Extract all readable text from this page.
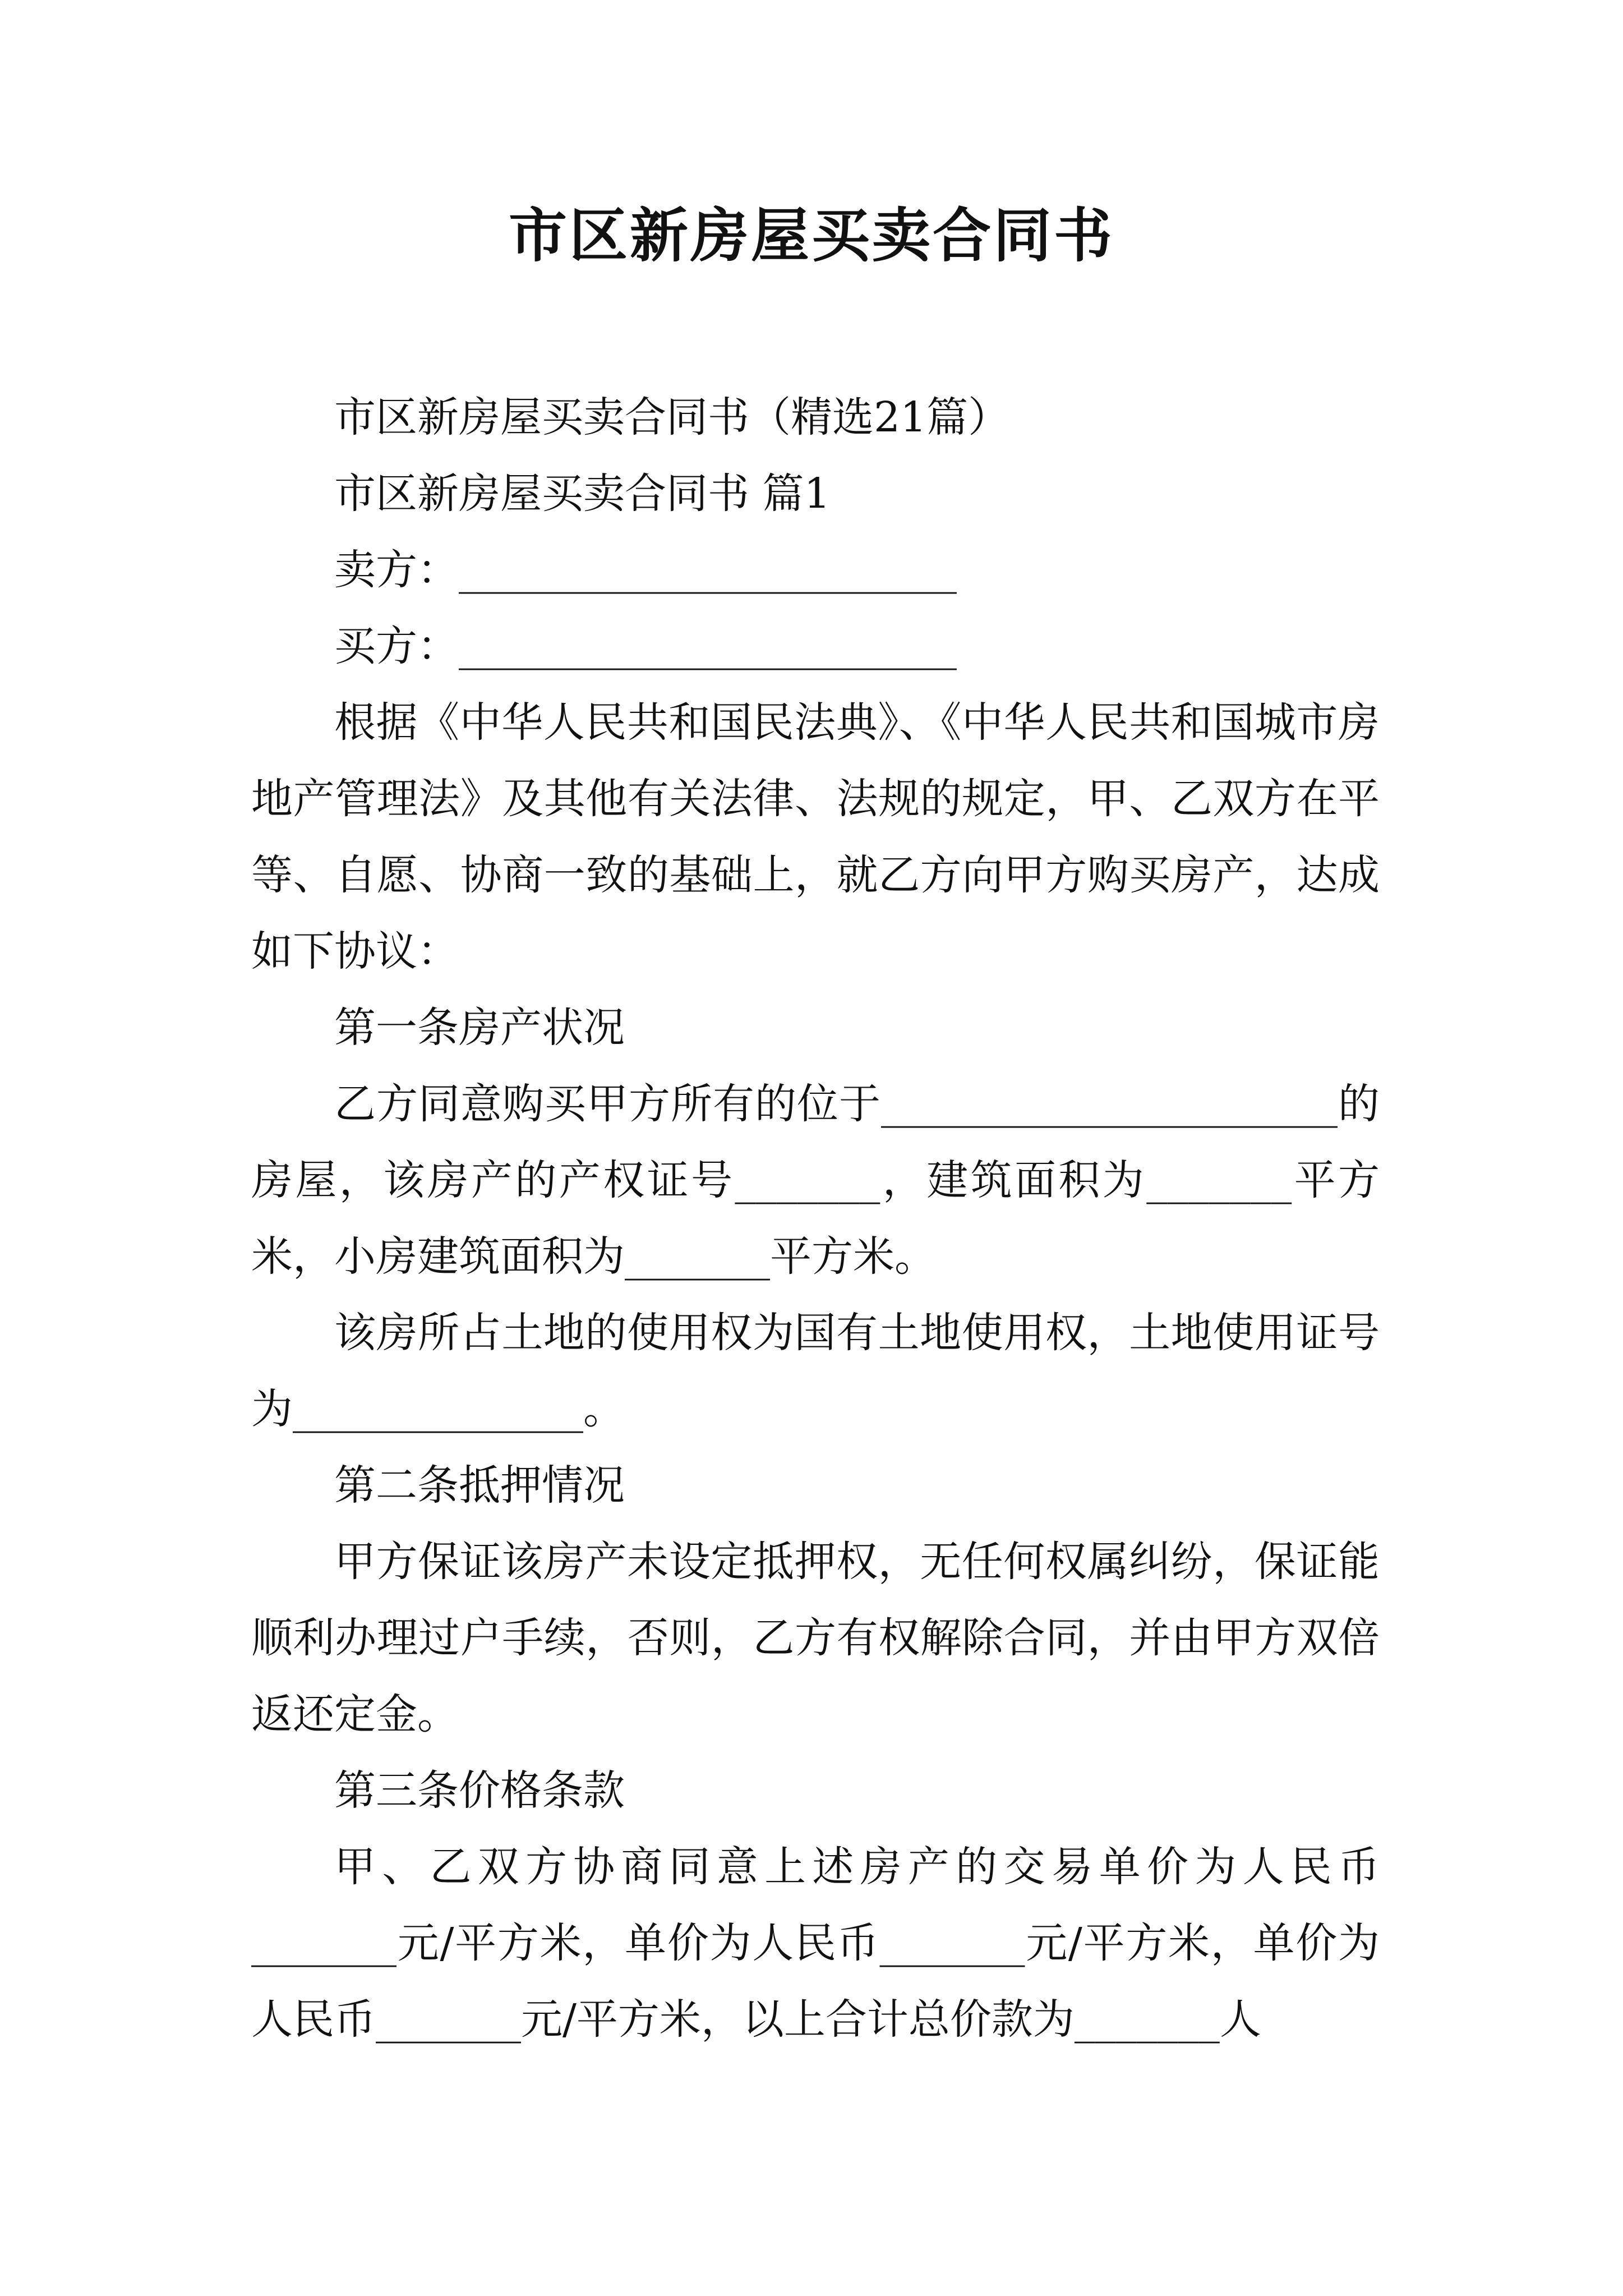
市区新房屋买卖合同书

市区新房屋买卖合同书（精选21篇）

市区新房屋买卖合同书 篇1

卖方：________________________

买方：________________________

根据《中华人民共和国民法典》、《中华人民共和国城市房地产管理法》及其他有关法律、法规的规定，甲、乙双方在平等、自愿、协商一致的基础上，就乙方向甲方购买房产，达成如下协议：

第一条房产状况

乙方同意购买甲方所有的位于______________________的房屋，该房产的产权证号_______，建筑面积为_______平方米，小房建筑面积为_______平方米。

该房所占土地的使用权为国有土地使用权，土地使用证号为______________。

第二条抵押情况

甲方保证该房产未设定抵押权，无任何权属纠纷，保证能顺利办理过户手续，否则，乙方有权解除合同，并由甲方双倍返还定金。

第三条价格条款

甲、乙双方协商同意上述房产的交易单价为人民币_______元/平方米，单价为人民币_______元/平方米，单价为人民币_______元/平方米，以上合计总价款为_______人
